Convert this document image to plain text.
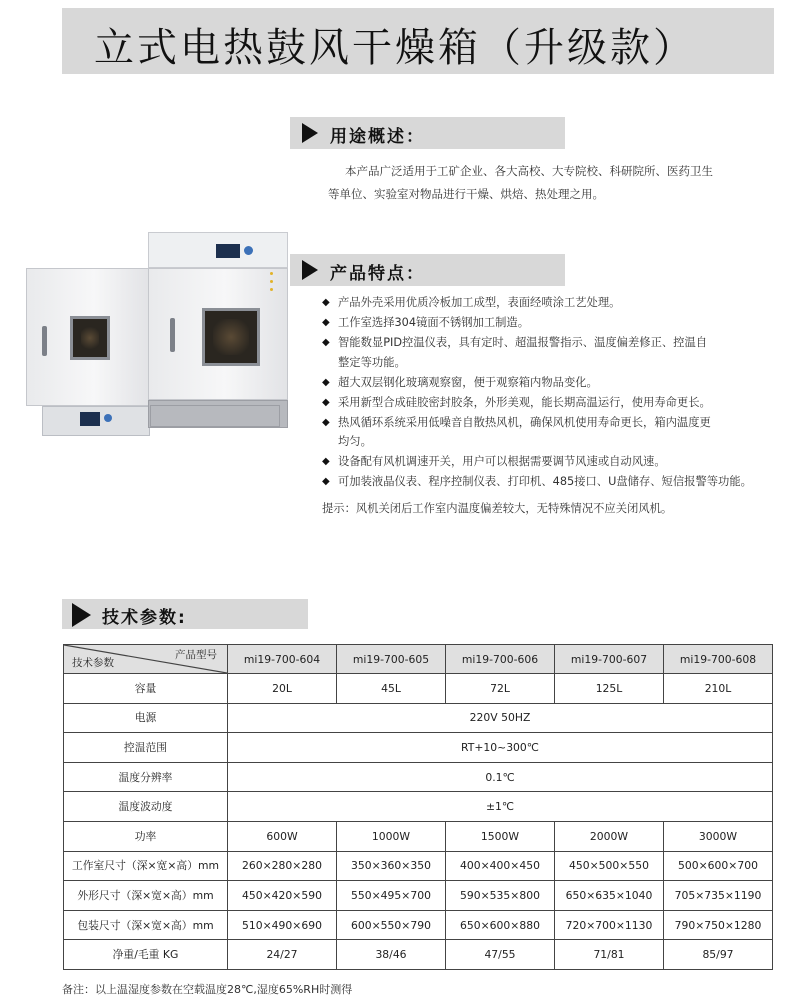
立式电热鼓风干燥箱（升级款）
用途概述：
本产品广泛适用于工矿企业、各大高校、大专院校、科研院所、医药卫生
等单位、实验室对物品进行干燥、烘焙、热处理之用。
产品特点：
◆ 产品外壳采用优质冷板加工成型，表面经喷涂工艺处理。
◆ 工作室选择304镜面不锈钢加工制造。
◆ 智能数显PID控温仪表，具有定时、超温报警指示、温度偏差修正、控温自
整定等功能。
◆ 超大双层钢化玻璃观察窗，便于观察箱内物品变化。
◆ 采用新型合成硅胶密封胶条，外形美观，能长期高温运行，使用寿命更长。
◆ 热风循环系统采用低噪音自散热风机，确保风机使用寿命更长，箱内温度更
均匀。
◆ 设备配有风机调速开关，用户可以根据需要调节风速或自动风速。
◆ 可加装液晶仪表、程序控制仪表、打印机、485接口、U盘储存、短信报警等功能。
提示：风机关闭后工作室内温度偏差较大，无特殊情况不应关闭风机。
技术参数:
产品型号
技术参数	mi19-700-604	mi19-700-605	mi19-700-606	mi19-700-607	mi19-700-608
容量	20L	45L	72L	125L	210L
电源	220V 50HZ				
控温范围	RT+10~300℃				
温度分辨率	0.1℃				
温度波动度	±1℃				
功率	600W	1000W	1500W	2000W	3000W
工作室尺寸（深×宽×高）mm	260×280×280	350×360×350	400×400×450	450×500×550	500×600×700
外形尺寸（深×宽×高）mm	450×420×590	550×495×700	590×535×800	650×635×1040	705×735×1190
包装尺寸（深×宽×高）mm	510×490×690	600×550×790	650×600×880	720×700×1130	790×750×1280
净重/毛重 KG	24/27	38/46	47/55	71/81	85/97
备注：以上温湿度参数在空载温度28℃,湿度65%RH时测得
